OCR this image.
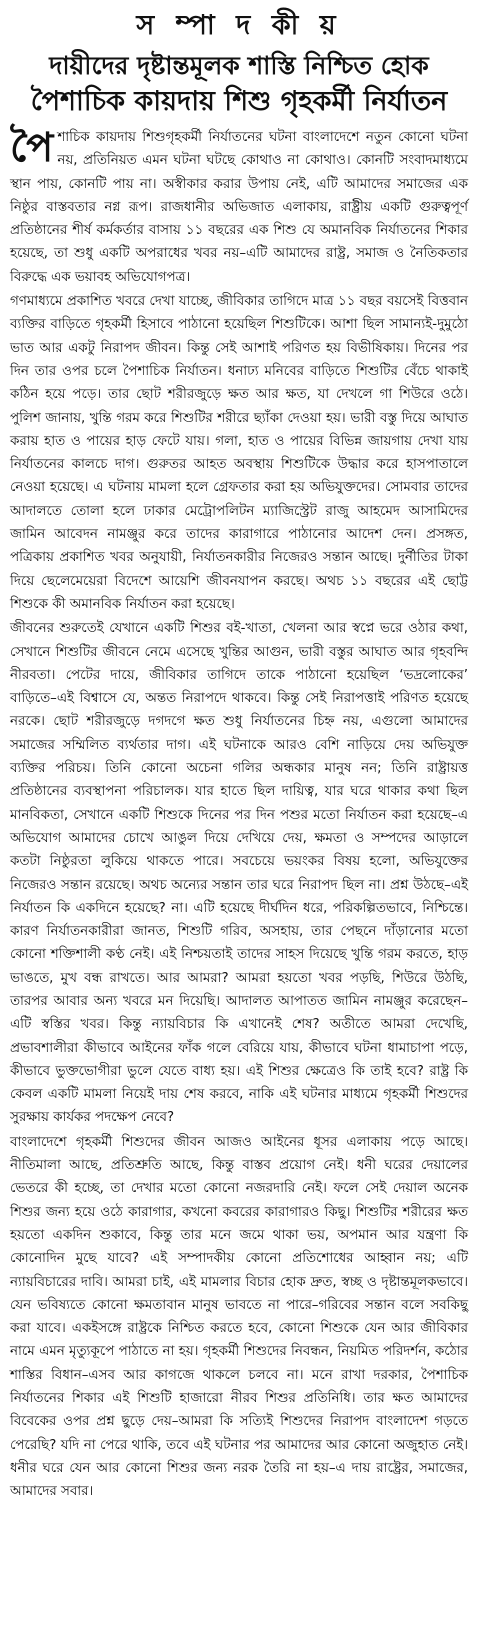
স ম্পা দ কী য়
দায়ীদের দৃষ্টান্তমূলক শাস্তি নিশ্চিত হোক
পৈশাচিক কায়দায় শিশু গৃহকর্মী নির্যাতন

পৈশাচিক কায়দায় শিশুগৃহকর্মী নির্যাতনের ঘটনা বাংলাদেশে নতুন কোনো ঘটনা নয়, প্রতিনিয়ত এমন ঘটনা ঘটছে কোথাও না কোথাও। কোনটি সংবাদমাধ্যমে স্থান পায়, কোনটি পায় না। অস্বীকার করার উপায় নেই, এটি আমাদের সমাজের এক নিষ্ঠুর বাস্তবতার নগ্ন রূপ। রাজধানীর অভিজাত এলাকায়, রাষ্ট্রীয় একটি গুরুত্বপূর্ণ প্রতিষ্ঠানের শীর্ষ কর্মকর্তার বাসায় ১১ বছরের এক শিশু যে অমানবিক নির্যাতনের শিকার হয়েছে, তা শুধু একটি অপরাধের খবর নয়–এটি আমাদের রাষ্ট্র, সমাজ ও নৈতিকতার বিরুদ্ধে এক ভয়াবহ অভিযোগপত্র।

গণমাধ্যমে প্রকাশিত খবরে দেখা যাচ্ছে, জীবিকার তাগিদে মাত্র ১১ বছর বয়সেই বিত্তবান ব্যক্তির বাড়িতে গৃহকর্মী হিসাবে পাঠানো হয়েছিল শিশুটিকে। আশা ছিল সামান্যই-দুমুঠো ভাত আর একটু নিরাপদ জীবন। কিন্তু সেই আশাই পরিণত হয় বিভীষিকায়। দিনের পর দিন তার ওপর চলে পৈশাচিক নির্যাতন। ধনাঢ্য মনিবের বাড়িতে শিশুটির বেঁচে থাকাই কঠিন হয়ে পড়ে। তার ছোট শরীরজুড়ে ক্ষত আর ক্ষত, যা দেখলে গা শিউরে ওঠে। পুলিশ জানায়, খুন্তি গরম করে শিশুটির শরীরে ছ্যাঁকা দেওয়া হয়। ভারী বস্তু দিয়ে আঘাত করায় হাত ও পায়ের হাড় ফেটে যায়। গলা, হাত ও পায়ের বিভিন্ন জায়গায় দেখা যায় নির্যাতনের কালচে দাগ। গুরুতর আহত অবস্থায় শিশুটিকে উদ্ধার করে হাসপাতালে নেওয়া হয়েছে। এ ঘটনায় মামলা হলে গ্রেফতার করা হয় অভিযুক্তদের। সোমবার তাদের আদালতে তোলা হলে ঢাকার মেট্রোপলিটন ম্যাজিস্ট্রেট রাজু আহমেদ আসামিদের জামিন আবেদন নামঞ্জুর করে তাদের কারাগারে পাঠানোর আদেশ দেন। প্রসঙ্গত, পত্রিকায় প্রকাশিত খবর অনুযায়ী, নির্যাতনকারীর নিজেরও সন্তান আছে। দুর্নীতির টাকা দিয়ে ছেলেমেয়েরা বিদেশে আয়েশি জীবনযাপন করছে। অথচ ১১ বছরের এই ছোট্ট শিশুকে কী অমানবিক নির্যাতন করা হয়েছে।

জীবনের শুরুতেই যেখানে একটি শিশুর বই-খাতা, খেলনা আর স্বপ্নে ভরে ওঠার কথা, সেখানে শিশুটির জীবনে নেমে এসেছে খুন্তির আগুন, ভারী বস্তুর আঘাত আর গৃহবন্দি নীরবতা। পেটের দায়ে, জীবিকার তাগিদে তাকে পাঠানো হয়েছিল ‘ভদ্রলোকের’ বাড়িতে–এই বিশ্বাসে যে, অন্তত নিরাপদে থাকবে। কিন্তু সেই নিরাপত্তাই পরিণত হয়েছে নরকে। ছোট শরীরজুড়ে দগদগে ক্ষত শুধু নির্যাতনের চিহ্ন নয়, এগুলো আমাদের সমাজের সম্মিলিত ব্যর্থতার দাগ। এই ঘটনাকে আরও বেশি নাড়িয়ে দেয় অভিযুক্ত ব্যক্তির পরিচয়। তিনি কোনো অচেনা গলির অন্ধকার মানুষ নন; তিনি রাষ্ট্রায়ত্ত প্রতিষ্ঠানের ব্যবস্থাপনা পরিচালক। যার হাতে ছিল দায়িত্ব, যার ঘরে থাকার কথা ছিল মানবিকতা, সেখানে একটি শিশুকে দিনের পর দিন পশুর মতো নির্যাতন করা হয়েছে–এ অভিযোগ আমাদের চোখে আঙুল দিয়ে দেখিয়ে দেয়, ক্ষমতা ও সম্পদের আড়ালে কতটা নিষ্ঠুরতা লুকিয়ে থাকতে পারে। সবচেয়ে ভয়ংকর বিষয় হলো, অভিযুক্তের নিজেরও সন্তান রয়েছে। অথচ অন্যের সন্তান তার ঘরে নিরাপদ ছিল না। প্রশ্ন উঠছে–এই নির্যাতন কি একদিনে হয়েছে? না। এটি হয়েছে দীর্ঘদিন ধরে, পরিকল্পিতভাবে, নিশ্চিন্তে। কারণ নির্যাতনকারীরা জানত, শিশুটি গরিব, অসহায়, তার পেছনে দাঁড়ানোর মতো কোনো শক্তিশালী কণ্ঠ নেই। এই নিশ্চয়তাই তাদের সাহস দিয়েছে খুন্তি গরম করতে, হাড় ভাঙতে, মুখ বন্ধ রাখতে। আর আমরা? আমরা হয়তো খবর পড়ছি, শিউরে উঠছি, তারপর আবার অন্য খবরে মন দিয়েছি। আদালত আপাতত জামিন নামঞ্জুর করেছেন–এটি স্বস্তির খবর। কিন্তু ন্যায়বিচার কি এখানেই শেষ? অতীতে আমরা দেখেছি, প্রভাবশালীরা কীভাবে আইনের ফাঁক গলে বেরিয়ে যায়, কীভাবে ঘটনা ধামাচাপা পড়ে, কীভাবে ভুক্তভোগীরা ভুলে যেতে বাধ্য হয়। এই শিশুর ক্ষেত্রেও কি তাই হবে? রাষ্ট্র কি কেবল একটি মামলা নিয়েই দায় শেষ করবে, নাকি এই ঘটনার মাধ্যমে গৃহকর্মী শিশুদের সুরক্ষায় কার্যকর পদক্ষেপ নেবে?

বাংলাদেশে গৃহকর্মী শিশুদের জীবন আজও আইনের ধূসর এলাকায় পড়ে আছে। নীতিমালা আছে, প্রতিশ্রুতি আছে, কিন্তু বাস্তব প্রয়োগ নেই। ধনী ঘরের দেয়ালের ভেতরে কী হচ্ছে, তা দেখার মতো কোনো নজরদারি নেই। ফলে সেই দেয়াল অনেক শিশুর জন্য হয়ে ওঠে কারাগার, কখনো কবরের কারাগারও কিছু। শিশুটির শরীরের ক্ষত হয়তো একদিন শুকাবে, কিন্তু তার মনে জমে থাকা ভয়, অপমান আর যন্ত্রণা কি কোনোদিন মুছে যাবে? এই সম্পাদকীয় কোনো প্রতিশোধের আহ্বান নয়; এটি ন্যায়বিচারের দাবি। আমরা চাই, এই মামলার বিচার হোক দ্রুত, স্বচ্ছ ও দৃষ্টান্তমূলকভাবে। যেন ভবিষ্যতে কোনো ক্ষমতাবান মানুষ ভাবতে না পারে–গরিবের সন্তান বলে সবকিছু করা যাবে। একইসঙ্গে রাষ্ট্রকে নিশ্চিত করতে হবে, কোনো শিশুকে যেন আর জীবিকার নামে এমন মৃত্যুকূপে পাঠাতে না হয়। গৃহকর্মী শিশুদের নিবন্ধন, নিয়মিত পরিদর্শন, কঠোর শাস্তির বিধান–এসব আর কাগজে থাকলে চলবে না। মনে রাখা দরকার, পৈশাচিক নির্যাতনের শিকার এই শিশুটি হাজারো নীরব শিশুর প্রতিনিধি। তার ক্ষত আমাদের বিবেকের ওপর প্রশ্ন ছুড়ে দেয়–আমরা কি সত্যিই শিশুদের নিরাপদ বাংলাদেশ গড়তে পেরেছি? যদি না পেরে থাকি, তবে এই ঘটনার পর আমাদের আর কোনো অজুহাত নেই। ধনীর ঘরে যেন আর কোনো শিশুর জন্য নরক তৈরি না হয়–এ দায় রাষ্ট্রের, সমাজের, আমাদের সবার।
